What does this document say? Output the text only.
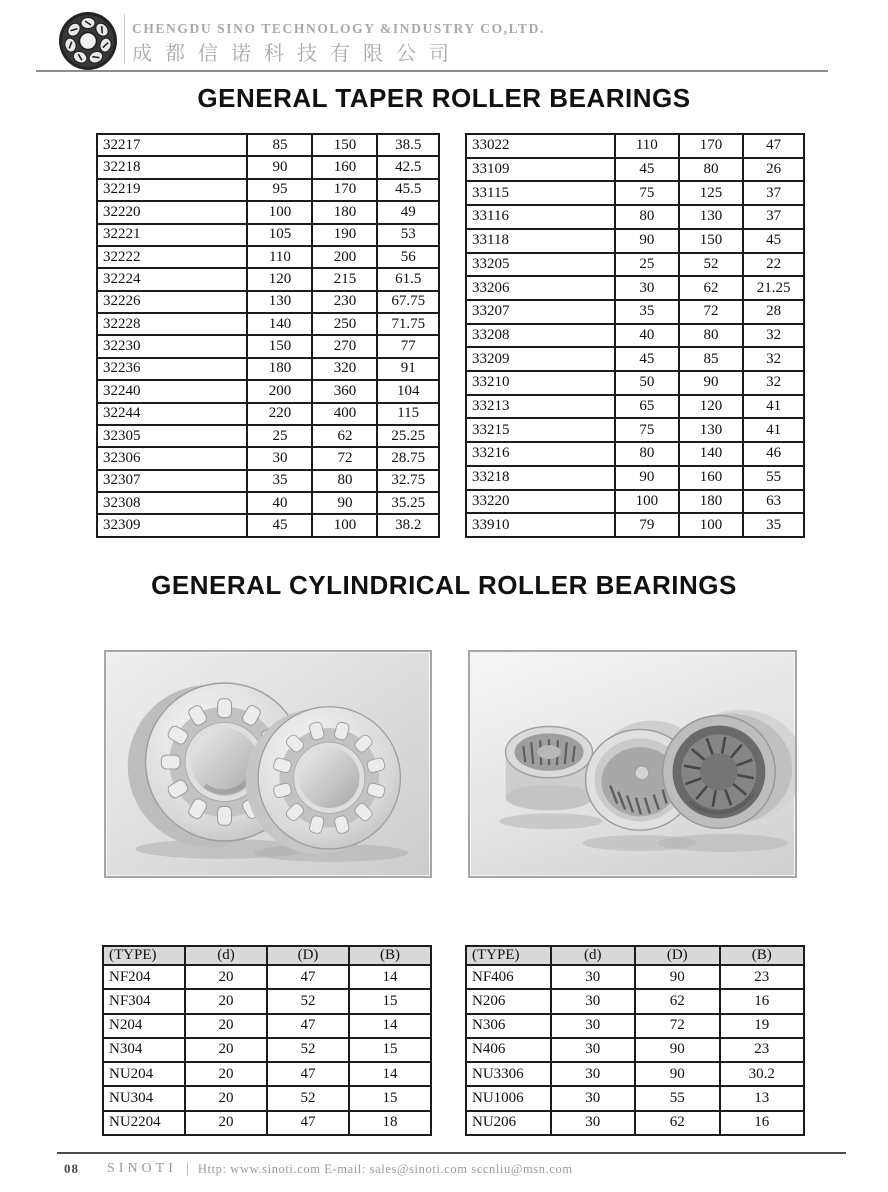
CHENGDU SINO TECHNOLOGY &INDUSTRY CO,LTD.
成都信诺科技有限公司
GENERAL TAPER ROLLER BEARINGS
32217	85	150	38.5
32218	90	160	42.5
32219	95	170	45.5
32220	100	180	49
32221	105	190	53
32222	110	200	56
32224	120	215	61.5
32226	130	230	67.75
32228	140	250	71.75
32230	150	270	77
32236	180	320	91
32240	200	360	104
32244	220	400	115
32305	25	62	25.25
32306	30	72	28.75
32307	35	80	32.75
32308	40	90	35.25
32309	45	100	38.2
33022	110	170	47
33109	45	80	26
33115	75	125	37
33116	80	130	37
33118	90	150	45
33205	25	52	22
33206	30	62	21.25
33207	35	72	28
33208	40	80	32
33209	45	85	32
33210	50	90	32
33213	65	120	41
33215	75	130	41
33216	80	140	46
33218	90	160	55
33220	100	180	63
33910	79	100	35
GENERAL CYLINDRICAL ROLLER BEARINGS
(TYPE)	(d)	(D)	(B)
NF204	20	47	14
NF304	20	52	15
N204	20	47	14
N304	20	52	15
NU204	20	47	14
NU304	20	52	15
NU2204	20	47	18
(TYPE)	(d)	(D)	(B)
NF406	30	90	23
N206	30	62	16
N306	30	72	19
N406	30	90	23
NU3306	30	90	30.2
NU1006	30	55	13
NU206	30	62	16
08 SINOTI Http: www.sinoti.com E-mail: sales@sinoti.com sccnliu@msn.com
